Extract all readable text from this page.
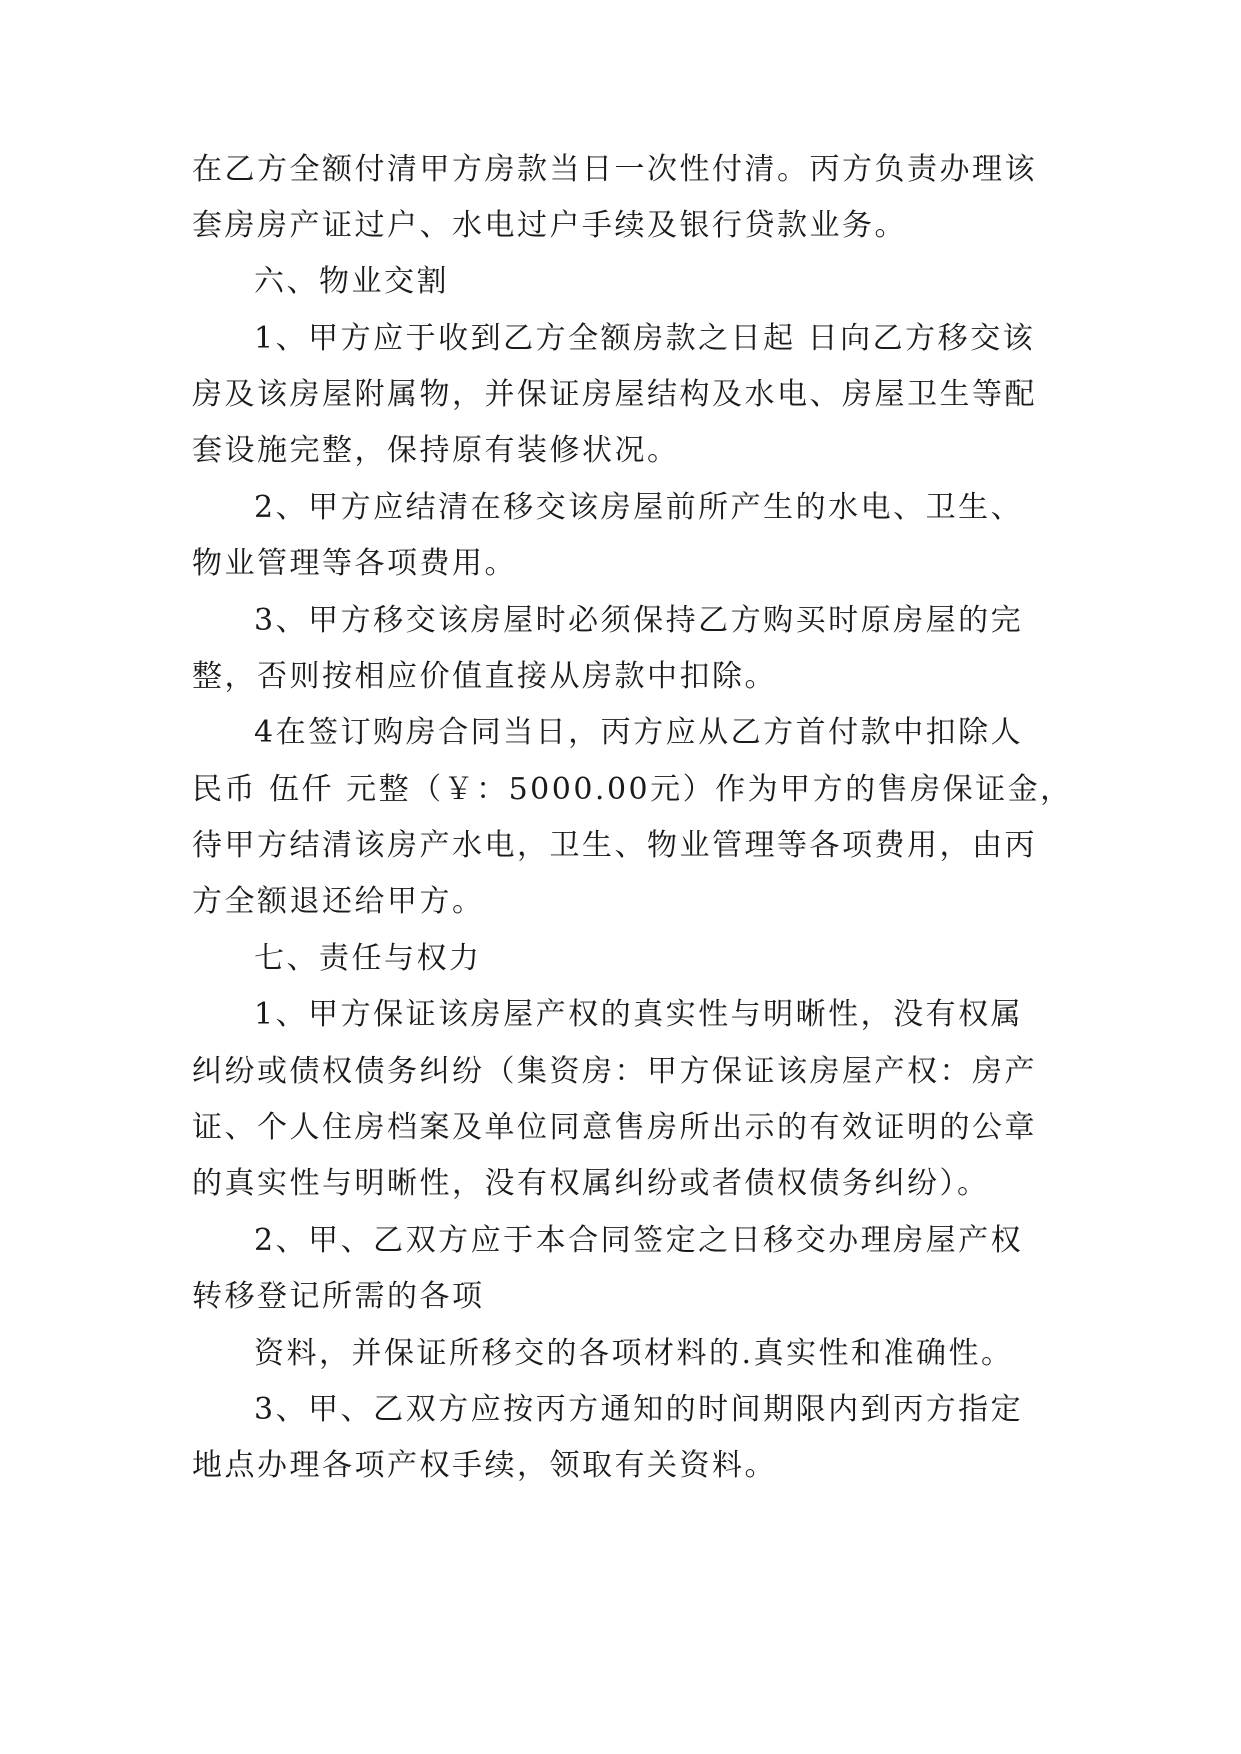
在乙方全额付清甲方房款当日一次性付清。丙方负责办理该

套房房产证过户、水电过户手续及银行贷款业务。

六、物业交割

1、甲方应于收到乙方全额房款之日起 日向乙方移交该

房及该房屋附属物，并保证房屋结构及水电、房屋卫生等配

套设施完整，保持原有装修状况。

2、甲方应结清在移交该房屋前所产生的水电、卫生、

物业管理等各项费用。

3、甲方移交该房屋时必须保持乙方购买时原房屋的完

整，否则按相应价值直接从房款中扣除。

4在签订购房合同当日，丙方应从乙方首付款中扣除人

民币 伍仟 元整（￥：5000.00元）作为甲方的售房保证金，

待甲方结清该房产水电，卫生、物业管理等各项费用，由丙

方全额退还给甲方。

七、责任与权力

1、甲方保证该房屋产权的真实性与明晰性，没有权属

纠纷或债权债务纠纷（集资房：甲方保证该房屋产权：房产

证、个人住房档案及单位同意售房所出示的有效证明的公章

的真实性与明晰性，没有权属纠纷或者债权债务纠纷）。

2、甲、乙双方应于本合同签定之日移交办理房屋产权

转移登记所需的各项

资料，并保证所移交的各项材料的.真实性和准确性。

3、甲、乙双方应按丙方通知的时间期限内到丙方指定

地点办理各项产权手续，领取有关资料。
